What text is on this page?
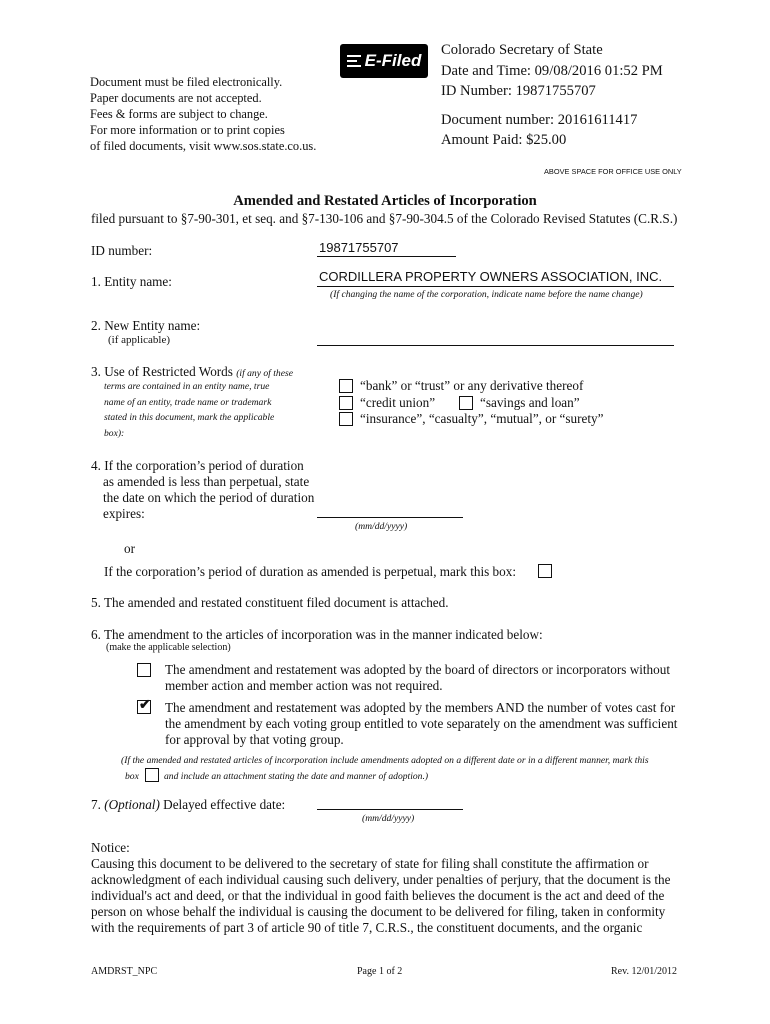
E-Filed
Document must be filed electronically.
Paper documents are not accepted.
Fees & forms are subject to change.
For more information or to print copies
of filed documents, visit www.sos.state.co.us.
Colorado Secretary of State
Date and Time: 09/08/2016 01:52 PM
ID Number: 19871755707
Document number: 20161611417
Amount Paid: $25.00
ABOVE SPACE FOR OFFICE USE ONLY
Amended and Restated Articles of Incorporation
filed pursuant to §7-90-301, et seq. and §7-130-106 and §7-90-304.5 of the Colorado Revised Statutes (C.R.S.)
ID number:	19871755707
1. Entity name:	CORDILLERA PROPERTY OWNERS ASSOCIATION, INC.
(If changing the name of the corporation, indicate name before the name change)
2. New Entity name:
(if applicable)
3. Use of Restricted Words (if any of these
terms are contained in an entity name, true
name of an entity, trade name or trademark
stated in this document, mark the applicable
box):
“bank” or “trust” or any derivative thereof
“credit union”	“savings and loan”
“insurance”, “casualty”, “mutual”, or “surety”
4. If the corporation’s period of duration
as amended is less than perpetual, state
the date on which the period of duration
expires:
(mm/dd/yyyy)
or
If the corporation’s period of duration as amended is perpetual, mark this box:
5. The amended and restated constituent filed document is attached.
6. The amendment to the articles of incorporation was in the manner indicated below:
(make the applicable selection)
The amendment and restatement was adopted by the board of directors or incorporators without
member action and member action was not required.
✔ The amendment and restatement was adopted by the members AND the number of votes cast for
the amendment by each voting group entitled to vote separately on the amendment was sufficient
for approval by that voting group.
(If the amended and restated articles of incorporation include amendments adopted on a different date or in a different manner, mark this
box	and include an attachment stating the date and manner of adoption.)
7. (Optional) Delayed effective date:
(mm/dd/yyyy)
Notice:
Causing this document to be delivered to the secretary of state for filing shall constitute the affirmation or
acknowledgment of each individual causing such delivery, under penalties of perjury, that the document is the
individual's act and deed, or that the individual in good faith believes the document is the act and deed of the
person on whose behalf the individual is causing the document to be delivered for filing, taken in conformity
with the requirements of part 3 of article 90 of title 7, C.R.S., the constituent documents, and the organic
AMDRST_NPC	Page 1 of 2	Rev. 12/01/2012
